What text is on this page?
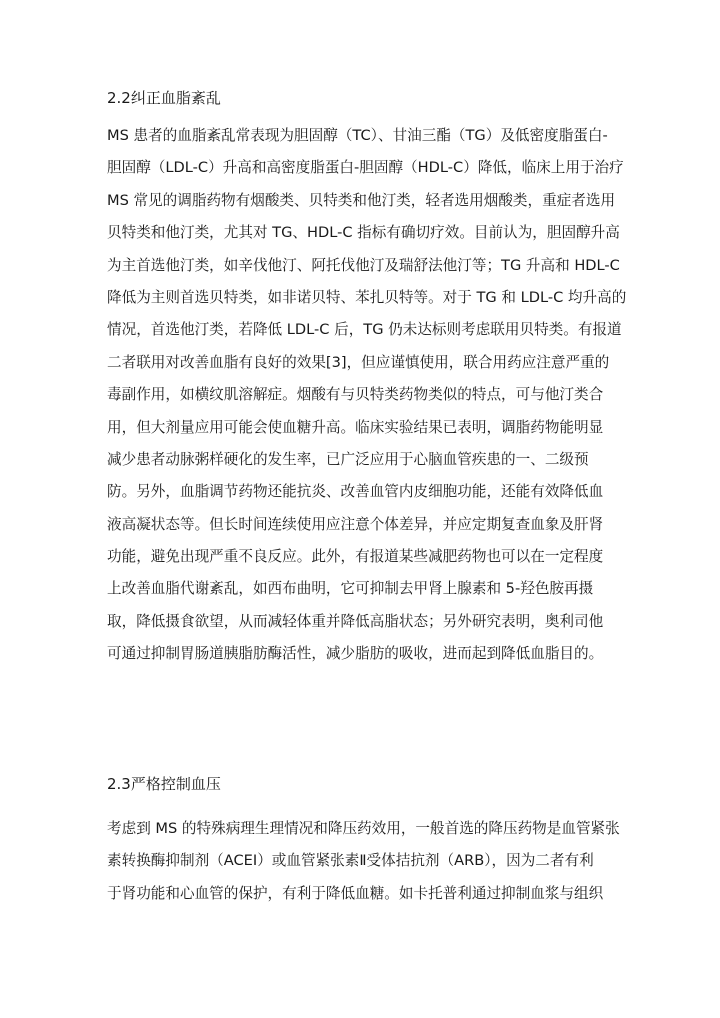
2.2纠正血脂紊乱
MS 患者的血脂紊乱常表现为胆固醇（TC）、甘油三酯（TG）及低密度脂蛋白-
胆固醇（LDL-C）升高和高密度脂蛋白-胆固醇（HDL-C）降低，临床上用于治疗
MS 常见的调脂药物有烟酸类、贝特类和他汀类，轻者选用烟酸类，重症者选用
贝特类和他汀类，尤其对 TG、HDL-C 指标有确切疗效。目前认为，胆固醇升高
为主首选他汀类，如辛伐他汀、阿托伐他汀及瑞舒法他汀等；TG 升高和 HDL-C
降低为主则首选贝特类，如非诺贝特、苯扎贝特等。对于 TG 和 LDL-C 均升高的
情况，首选他汀类，若降低 LDL-C 后，TG 仍未达标则考虑联用贝特类。有报道
二者联用对改善血脂有良好的效果[3]，但应谨慎使用，联合用药应注意严重的
毒副作用，如横纹肌溶解症。烟酸有与贝特类药物类似的特点，可与他汀类合
用，但大剂量应用可能会使血糖升高。临床实验结果已表明，调脂药物能明显
减少患者动脉粥样硬化的发生率，已广泛应用于心脑血管疾患的一、二级预
防。另外，血脂调节药物还能抗炎、改善血管内皮细胞功能，还能有效降低血
液高凝状态等。但长时间连续使用应注意个体差异，并应定期复查血象及肝肾
功能，避免出现严重不良反应。此外，有报道某些减肥药物也可以在一定程度
上改善血脂代谢紊乱，如西布曲明，它可抑制去甲肾上腺素和 5-羟色胺再摄
取，降低摄食欲望，从而减轻体重并降低高脂状态；另外研究表明，奥利司他
可通过抑制胃肠道胰脂肪酶活性，减少脂肪的吸收，进而起到降低血脂目的。
2.3严格控制血压
考虑到 MS 的特殊病理生理情况和降压药效用，一般首选的降压药物是血管紧张
素转换酶抑制剂（ACEⅠ）或血管紧张素Ⅱ受体拮抗剂（ARB），因为二者有利
于肾功能和心血管的保护，有利于降低血糖。如卡托普利通过抑制血浆与组织
